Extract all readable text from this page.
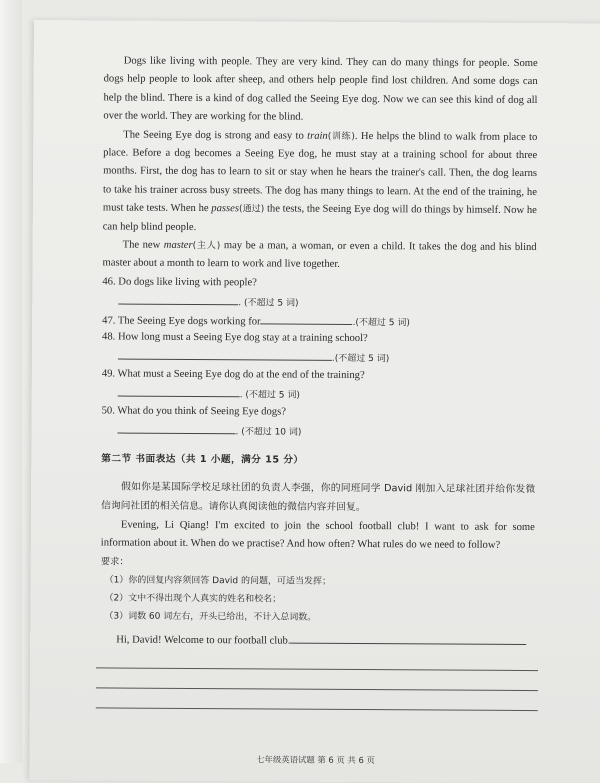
Dogs like living with people. They are very kind. They can do many things for people. Some dogs help people to look after sheep, and others help people find lost children. And some dogs can help the blind. There is a kind of dog called the Seeing Eye dog. Now we can see this kind of dog all over the world. They are working for the blind.

The Seeing Eye dog is strong and easy to train(训练). He helps the blind to walk from place to place. Before a dog becomes a Seeing Eye dog, he must stay at a training school for about three months. First, the dog has to learn to sit or stay when he hears the trainer's call. Then, the dog learns to take his trainer across busy streets. The dog has many things to learn. At the end of the training, he must take tests. When he passes(通过) the tests, the Seeing Eye dog will do things by himself. Now he can help blind people.

The new master(主人) may be a man, a woman, or even a child. It takes the dog and his blind master about a month to learn to work and live together.

46. Do dogs like living with people?

. (不超过 5 词)

47. The Seeing Eye dogs working for	.(不超过 5 词)

48. How long must a Seeing Eye dog stay at a training school?

.(不超过 5 词)

49. What must a Seeing Eye dog do at the end of the training?

. (不超过 5 词)

50. What do you think of Seeing Eye dogs?

. (不超过 10 词)

第二节 书面表达（共 1 小题，满分 15 分）

假如你是某国际学校足球社团的负责人李强，你的同班同学 David 刚加入足球社团并给你发微信询问社团的相关信息。请你认真阅读他的微信内容并回复。

Evening, Li Qiang! I'm excited to join the school football club! I want to ask for some information about it. When do we practise? And how often? What rules do we need to follow?

要求：

（1）你的回复内容须回答 David 的问题，可适当发挥；

（2）文中不得出现个人真实的姓名和校名；

（3）词数 60 词左右，开头已给出，不计入总词数。

Hi, David! Welcome to our football club.

七年级英语试题 第 6 页 共 6 页
